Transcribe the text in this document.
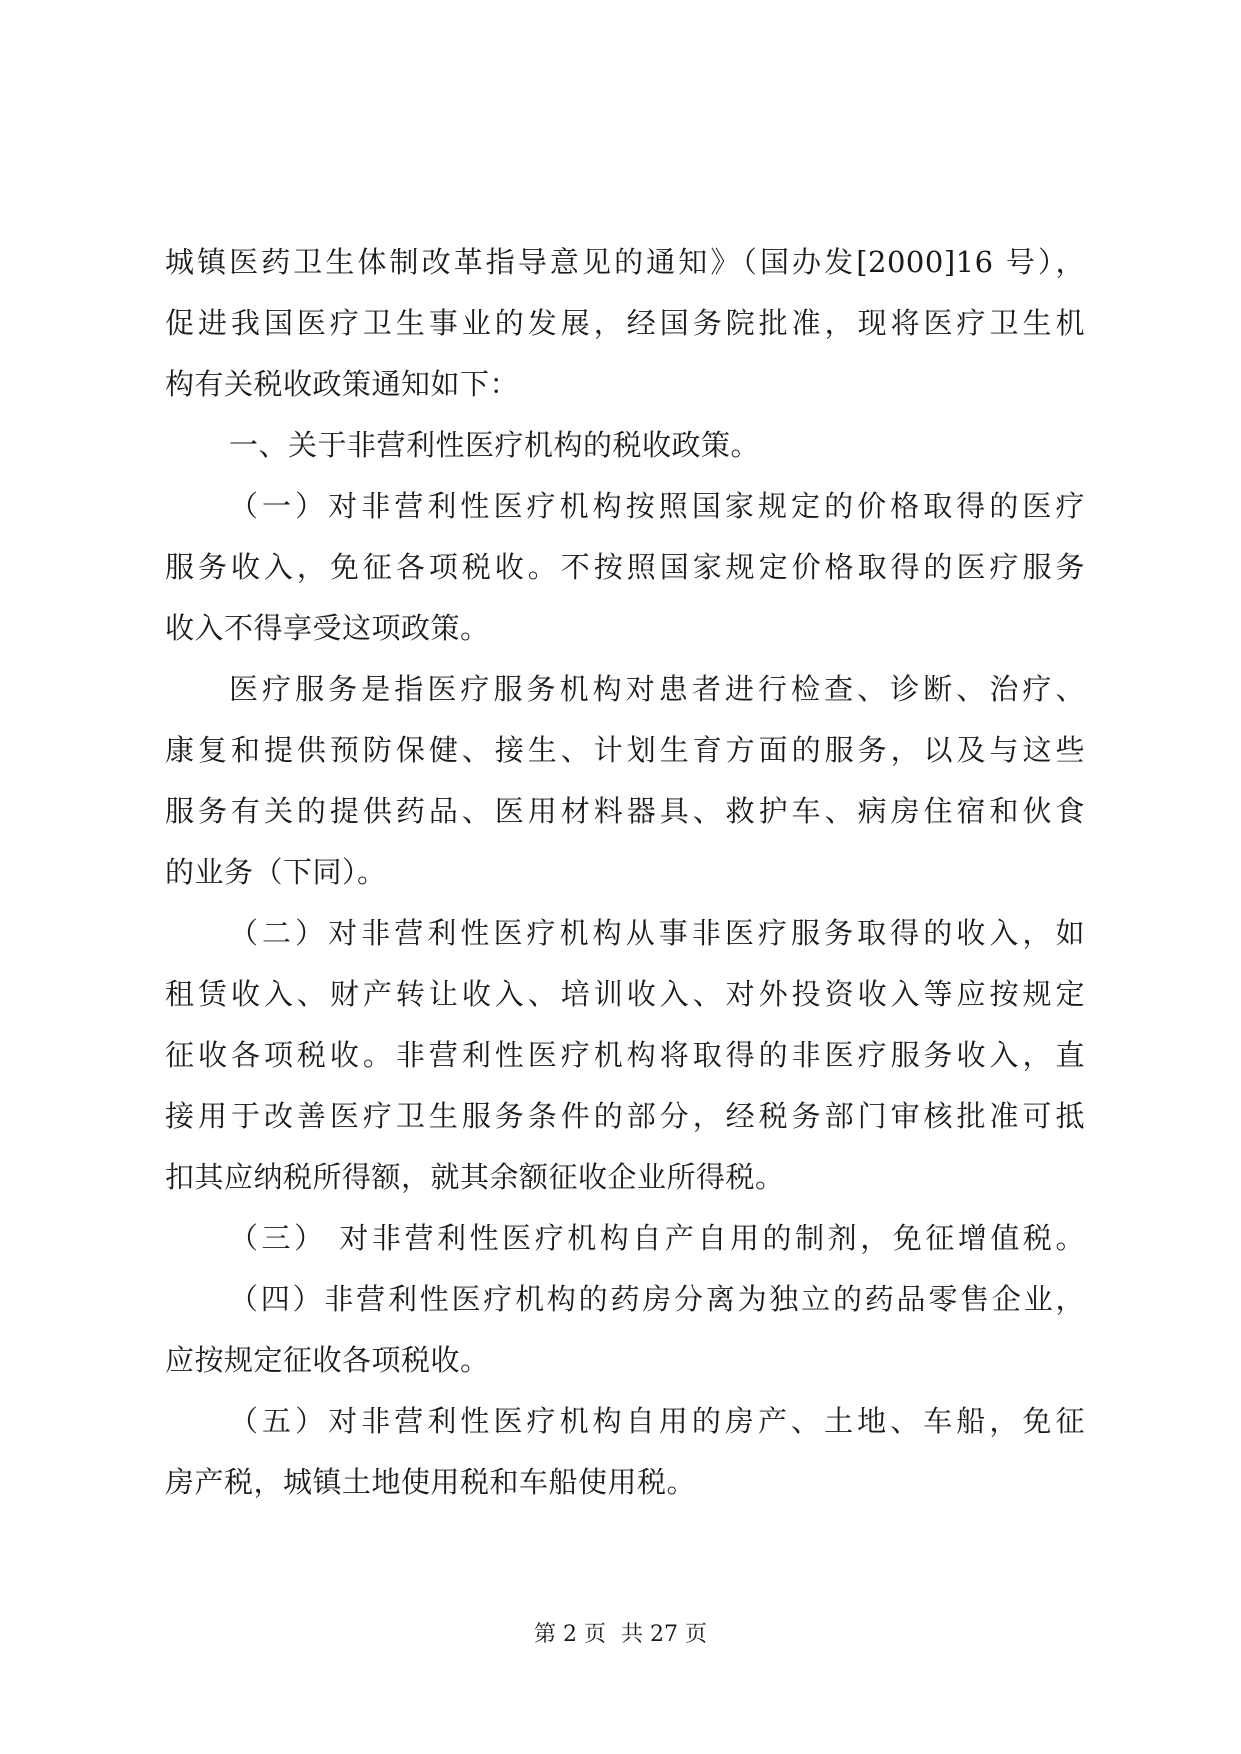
城镇医药卫生体制改革指导意见的通知》（国办发[2000]16 号），
促进我国医疗卫生事业的发展，经国务院批准，现将医疗卫生机
构有关税收政策通知如下：
一、关于非营利性医疗机构的税收政策。
（一）对非营利性医疗机构按照国家规定的价格取得的医疗
服务收入，免征各项税收。不按照国家规定价格取得的医疗服务
收入不得享受这项政策。
医疗服务是指医疗服务机构对患者进行检查、诊断、治疗、
康复和提供预防保健、接生、计划生育方面的服务，以及与这些
服务有关的提供药品、医用材料器具、救护车、病房住宿和伙食
的业务（下同）。
（二）对非营利性医疗机构从事非医疗服务取得的收入，如
租赁收入、财产转让收入、培训收入、对外投资收入等应按规定
征收各项税收。非营利性医疗机构将取得的非医疗服务收入，直
接用于改善医疗卫生服务条件的部分，经税务部门审核批准可抵
扣其应纳税所得额，就其余额征收企业所得税。
（三） 对非营利性医疗机构自产自用的制剂，免征增值税。
（四）非营利性医疗机构的药房分离为独立的药品零售企业，
应按规定征收各项税收。
（五）对非营利性医疗机构自用的房产、土地、车船，免征
房产税，城镇土地使用税和车船使用税。
第 2 页 共 27 页
